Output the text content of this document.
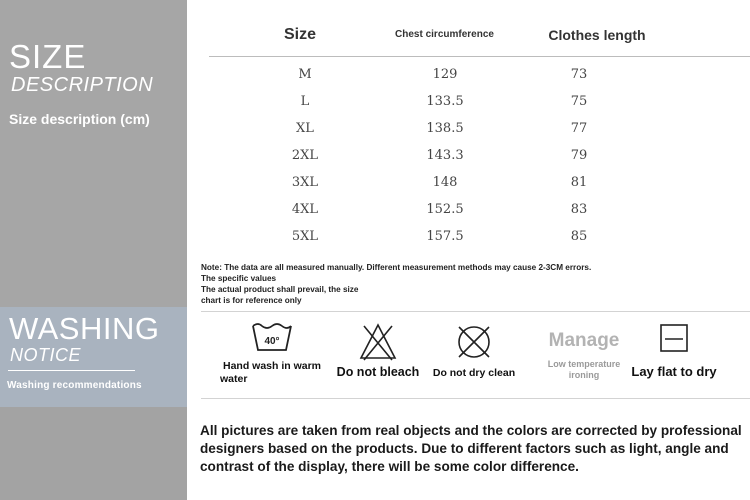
SIZE
DESCRIPTION
Size description (cm)
WASHING
NOTICE
Washing recommendations
Size	Chest circumference	Clothes length
M	129	73
L	133.5	75
XL	138.5	77
2XL	143.3	79
3XL	148	81
4XL	152.5	83
5XL	157.5	85
Note: The data are all measured manually. Different measurement methods may cause 2-3CM errors.
The specific values
The actual product shall prevail, the size
chart is for reference only
40°
Hand wash in warm
water	Do not bleach	Do not dry clean
Manage
Low temperature
ironing	Lay flat to dry
All pictures are taken from real objects and the colors are corrected by professional designers based on the products. Due to different factors such as light, angle and contrast of the display, there will be some color difference.
